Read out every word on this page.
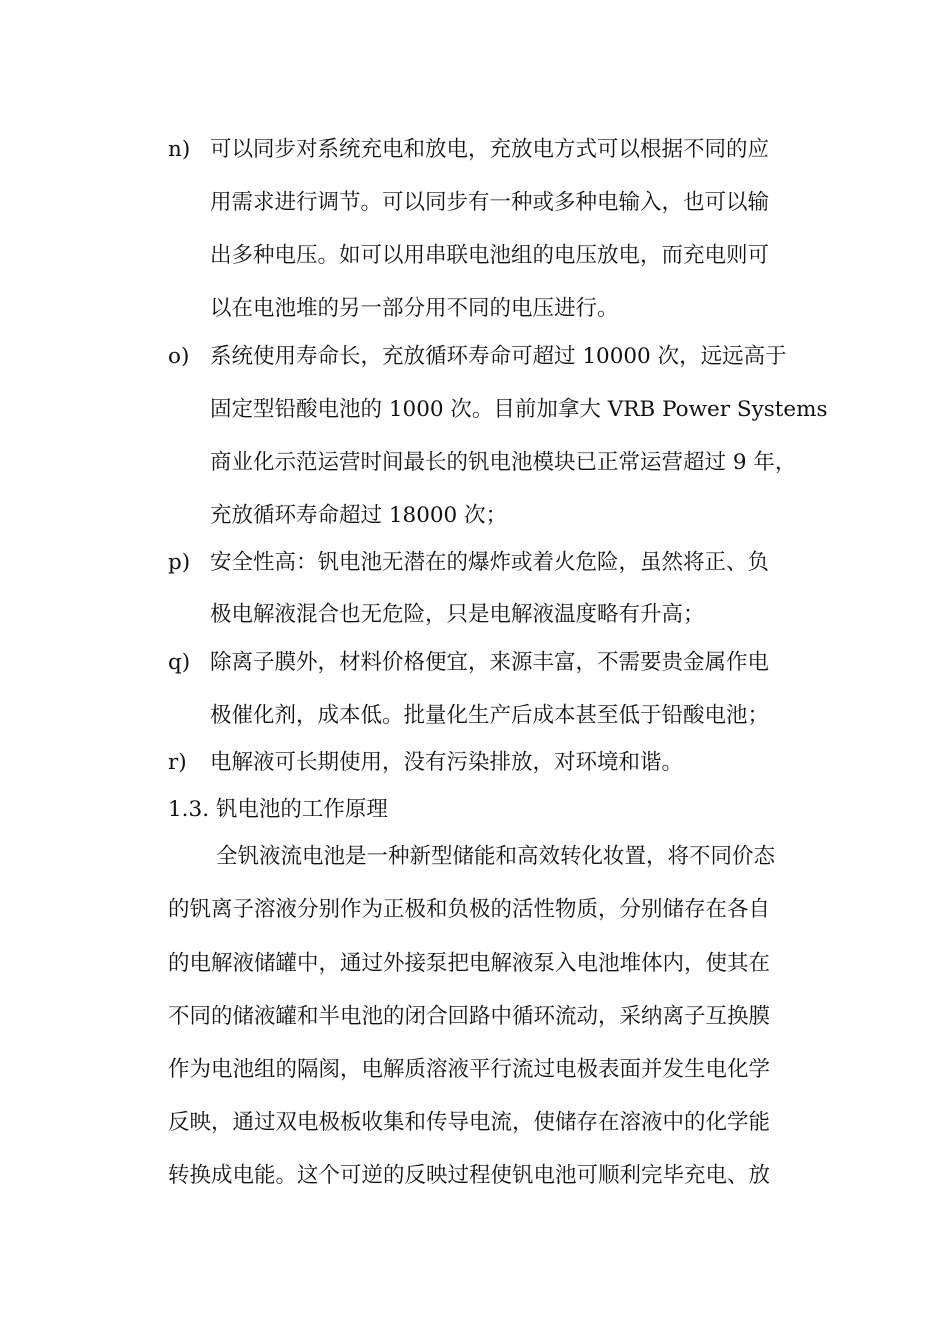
n) 可以同步对系统充电和放电，充放电方式可以根据不同的应
用需求进行调节。可以同步有一种或多种电输入，也可以输
出多种电压。如可以用串联电池组的电压放电，而充电则可
以在电池堆的另一部分用不同的电压进行。
o) 系统使用寿命长，充放循环寿命可超过 10000 次，远远高于
固定型铅酸电池的 1000 次。目前加拿大 VRB Power Systems
商业化示范运营时间最长的钒电池模块已正常运营超过 9 年，
充放循环寿命超过 18000 次；
p) 安全性高：钒电池无潜在的爆炸或着火危险，虽然将正、负
极电解液混合也无危险，只是电解液温度略有升高；
q) 除离子膜外，材料价格便宜，来源丰富，不需要贵金属作电
极催化剂，成本低。批量化生产后成本甚至低于铅酸电池；
r) 电解液可长期使用，没有污染排放，对环境和谐。
1.3. 钒电池的工作原理
全钒液流电池是一种新型储能和高效转化妆置，将不同价态
的钒离子溶液分别作为正极和负极的活性物质，分别储存在各自
的电解液储罐中，通过外接泵把电解液泵入电池堆体内，使其在
不同的储液罐和半电池的闭合回路中循环流动，采纳离子互换膜
作为电池组的隔阂，电解质溶液平行流过电极表面并发生电化学
反映，通过双电极板收集和传导电流，使储存在溶液中的化学能
转换成电能。这个可逆的反映过程使钒电池可顺利完毕充电、放
